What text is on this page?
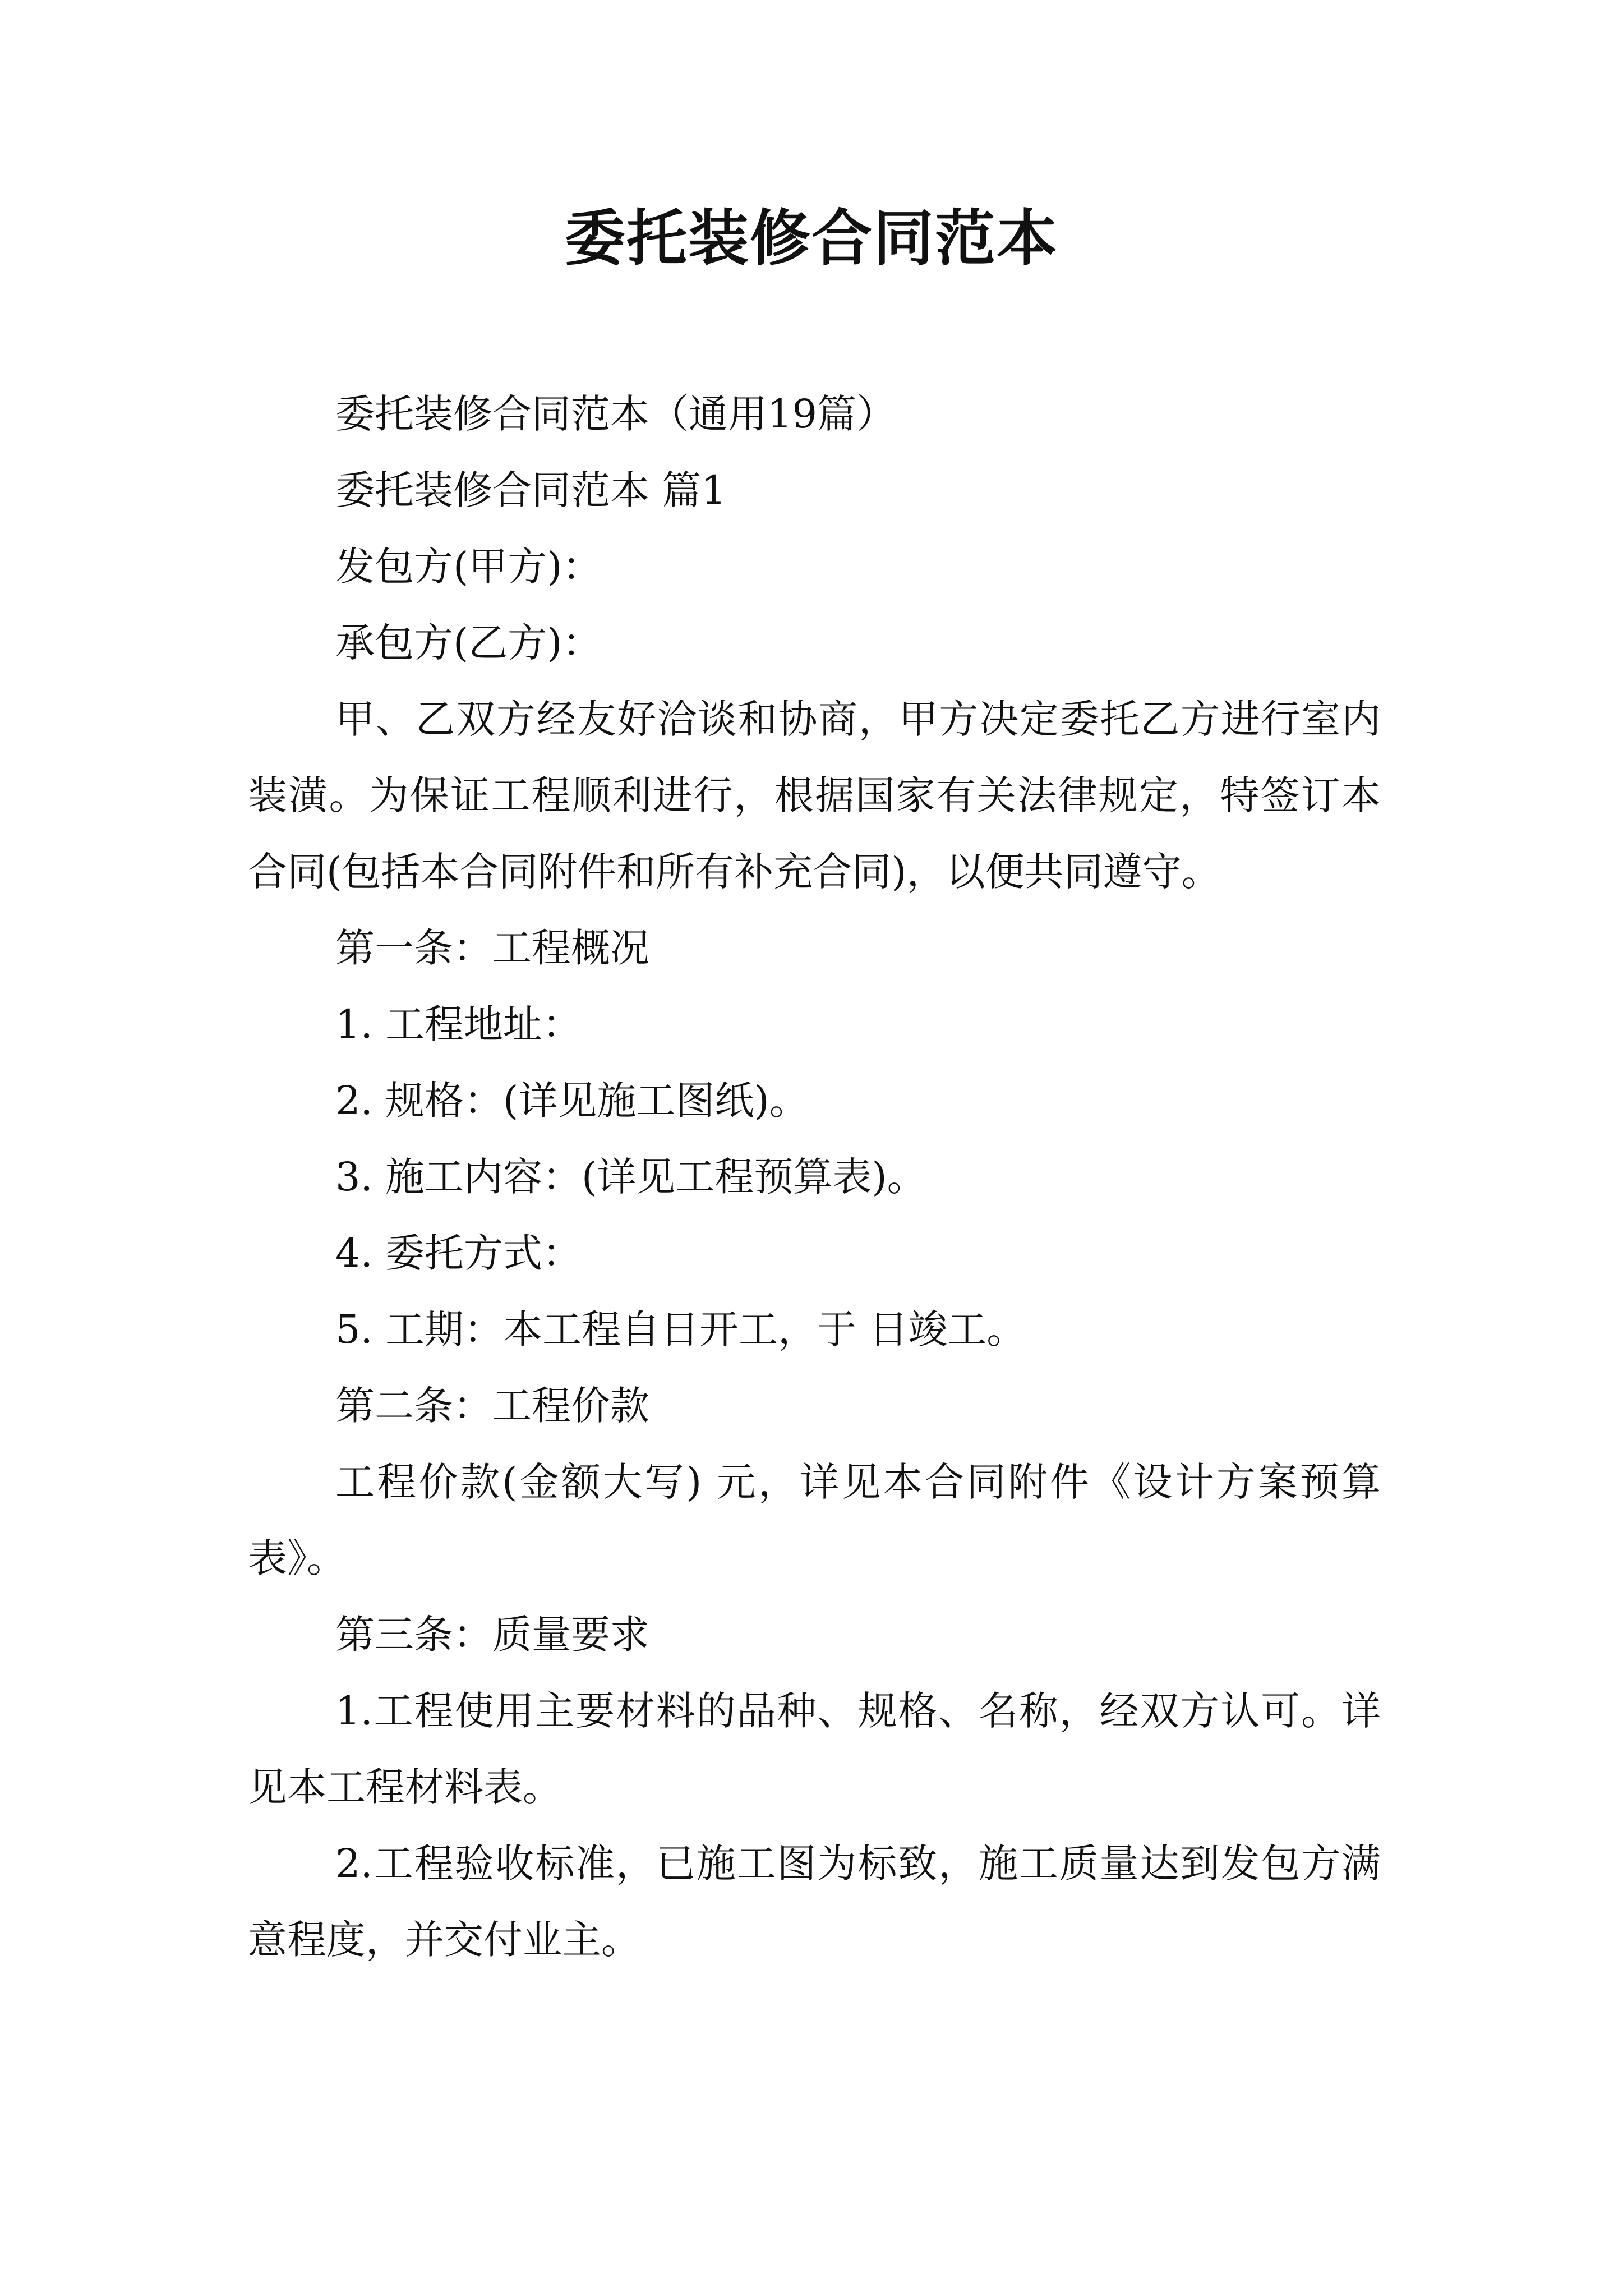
委托装修合同范本

委托装修合同范本（通用19篇）

委托装修合同范本 篇1

发包方(甲方)：

承包方(乙方)：

甲、乙双方经友好洽谈和协商，甲方决定委托乙方进行室内装潢。为保证工程顺利进行，根据国家有关法律规定，特签订本合同(包括本合同附件和所有补充合同)，以便共同遵守。

第一条：工程概况

1. 工程地址：

2. 规格：(详见施工图纸)。

3. 施工内容：(详见工程预算表)。

4. 委托方式：

5. 工期：本工程自日开工，于 日竣工。

第二条：工程价款

工程价款(金额大写) 元，详见本合同附件《设计方案预算表》。

第三条：质量要求

1.工程使用主要材料的品种、规格、名称，经双方认可。详见本工程材料表。

2.工程验收标准，已施工图为标致，施工质量达到发包方满意程度，并交付业主。
